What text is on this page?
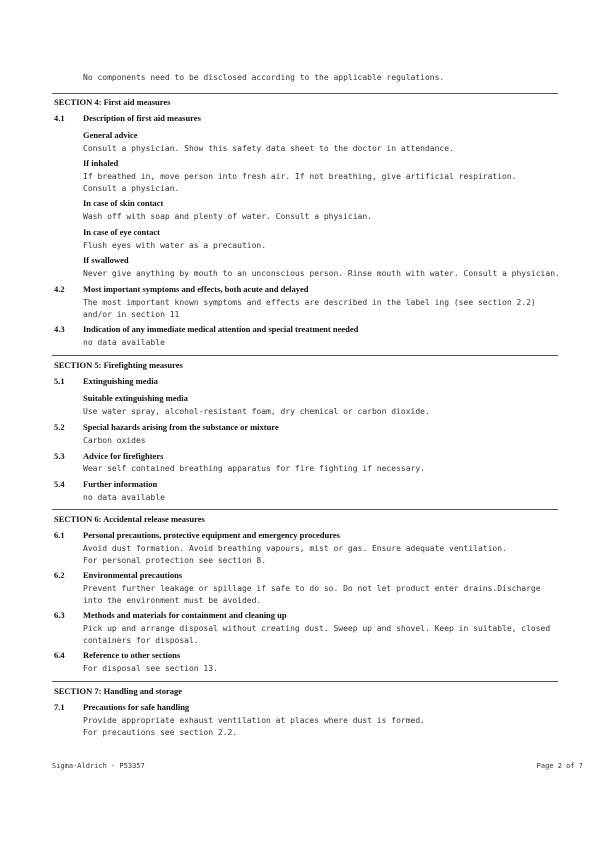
No components need to be disclosed according to the applicable regulations.
SECTION 4: First aid measures
4.1 Description of first aid measures
General advice
Consult a physician. Show this safety data sheet to the doctor in attendance.
If inhaled
If breathed in, move person into fresh air. If not breathing, give artificial respiration.
Consult a physician.
In case of skin contact
Wash off with soap and plenty of water. Consult a physician.
In case of eye contact
Flush eyes with water as a precaution.
If swallowed
Never give anything by mouth to an unconscious person. Rinse mouth with water. Consult a physician.
4.2 Most important symptoms and effects, both acute and delayed
The most important known symptoms and effects are described in the label ing (see section 2.2)
and/or in section 11
4.3 Indication of any immediate medical attention and special treatment needed
no data available
SECTION 5: Firefighting measures
5.1 Extinguishing media
Suitable extinguishing media
Use water spray, alcohol-resistant foam, dry chemical or carbon dioxide.
5.2 Special hazards arising from the substance or mixture
Carbon oxides
5.3 Advice for firefighters
Wear self contained breathing apparatus for fire fighting if necessary.
5.4 Further information
no data available
SECTION 6: Accidental release measures
6.1 Personal precautions, protective equipment and emergency procedures
Avoid dust formation. Avoid breathing vapours, mist or gas. Ensure adequate ventilation.
For personal protection see section 8.
6.2 Environmental precautions
Prevent further leakage or spillage if safe to do so. Do not let product enter drains.Discharge
into the environment must be avoided.
6.3 Methods and materials for containment and cleaning up
Pick up and arrange disposal without creating dust. Sweep up and shovel. Keep in suitable, closed
containers for disposal.
6.4 Reference to other sections
For disposal see section 13.
SECTION 7: Handling and storage
7.1 Precautions for safe handling
Provide appropriate exhaust ventilation at places where dust is formed.
For precautions see section 2.2.
Sigma-Aldrich - P53357	Page 2 of 7
